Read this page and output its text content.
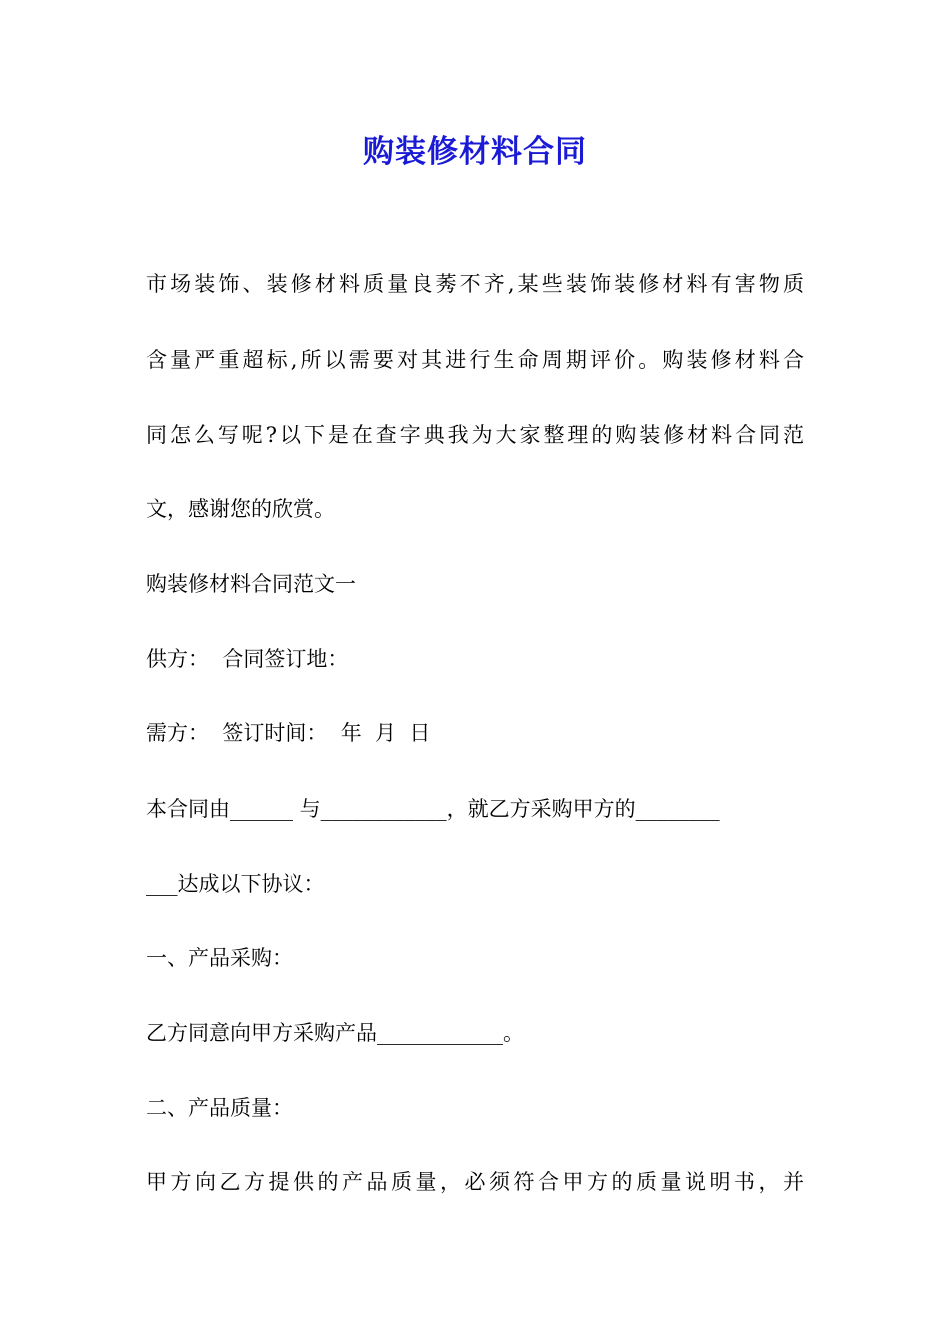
购装修材料合同
市场装饰、装修材料质量良莠不齐,某些装饰装修材料有害物质
含量严重超标,所以需要对其进行生命周期评价。购装修材料合
同怎么写呢?以下是在查字典我为大家整理的购装修材料合同范
文，感谢您的欣赏。
购装修材料合同范文一
供方：  合同签订地：
需方：  签订时间：  年  月  日
本合同由______ 与____________，就乙方采购甲方的________
___达成以下协议：
一、产品采购：
乙方同意向甲方采购产品____________。
二、产品质量：
甲方向乙方提供的产品质量，必须符合甲方的质量说明书，并
